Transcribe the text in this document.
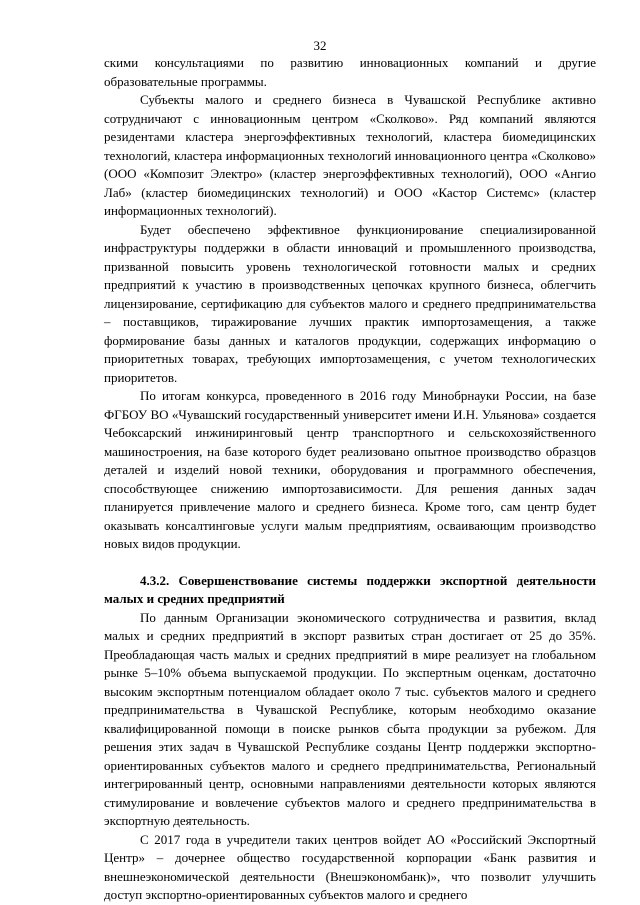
32

скими консультациями по развитию инновационных компаний и другие образовательные программы.

Субъекты малого и среднего бизнеса в Чувашской Республике активно сотрудничают с инновационным центром «Сколково». Ряд компаний являются резидентами кластера энергоэффективных технологий, кластера биомедицинских технологий, кластера информационных технологий инновационного центра «Сколково» (ООО «Композит Электро» (кластер энергоэффективных технологий), ООО «Ангио Лаб» (кластер биомедицинских технологий) и ООО «Кастор Системс» (кластер информационных технологий).

Будет обеспечено эффективное функционирование специализированной инфраструктуры поддержки в области инноваций и промышленного производства, призванной повысить уровень технологической готовности малых и средних предприятий к участию в производственных цепочках крупного бизнеса, облегчить лицензирование, сертификацию для субъектов малого и среднего предпринимательства – поставщиков, тиражирование лучших практик импортозамещения, а также формирование базы данных и каталогов продукции, содержащих информацию о приоритетных товарах, требующих импортозамещения, с учетом технологических приоритетов.

По итогам конкурса, проведенного в 2016 году Минобрнауки России, на базе ФГБОУ ВО «Чувашский государственный университет имени И.Н. Ульянова» создается Чебоксарский инжиниринговый центр транспортного и сельскохозяйственного машиностроения, на базе которого будет реализовано опытное производство образцов деталей и изделий новой техники, оборудования и программного обеспечения, способствующее снижению импортозависимости. Для решения данных задач планируется привлечение малого и среднего бизнеса. Кроме того, сам центр будет оказывать консалтинговые услуги малым предприятиям, осваивающим производство новых видов продукции.

4.3.2. Совершенствование системы поддержки экспортной деятельности малых и средних предприятий

По данным Организации экономического сотрудничества и развития, вклад малых и средних предприятий в экспорт развитых стран достигает от 25 до 35%. Преобладающая часть малых и средних предприятий в мире реализует на глобальном рынке 5–10% объема выпускаемой продукции. По экспертным оценкам, достаточно высоким экспортным потенциалом обладает около 7 тыс. субъектов малого и среднего предпринимательства в Чувашской Республике, которым необходимо оказание квалифицированной помощи в поиске рынков сбыта продукции за рубежом. Для решения этих задач в Чувашской Республике созданы Центр поддержки экспортно-ориентированных субъектов малого и среднего предпринимательства, Региональный интегрированный центр, основными направлениями деятельности которых являются стимулирование и вовлечение субъектов малого и среднего предпринимательства в экспортную деятельность.

С 2017 года в учредители таких центров войдет АО «Российский Экспортный Центр» – дочернее общество государственной корпорации «Банк развития и внешнеэкономической деятельности (Внешэкономбанк)», что позволит улучшить доступ экспортно-ориентированных субъектов малого и среднего
